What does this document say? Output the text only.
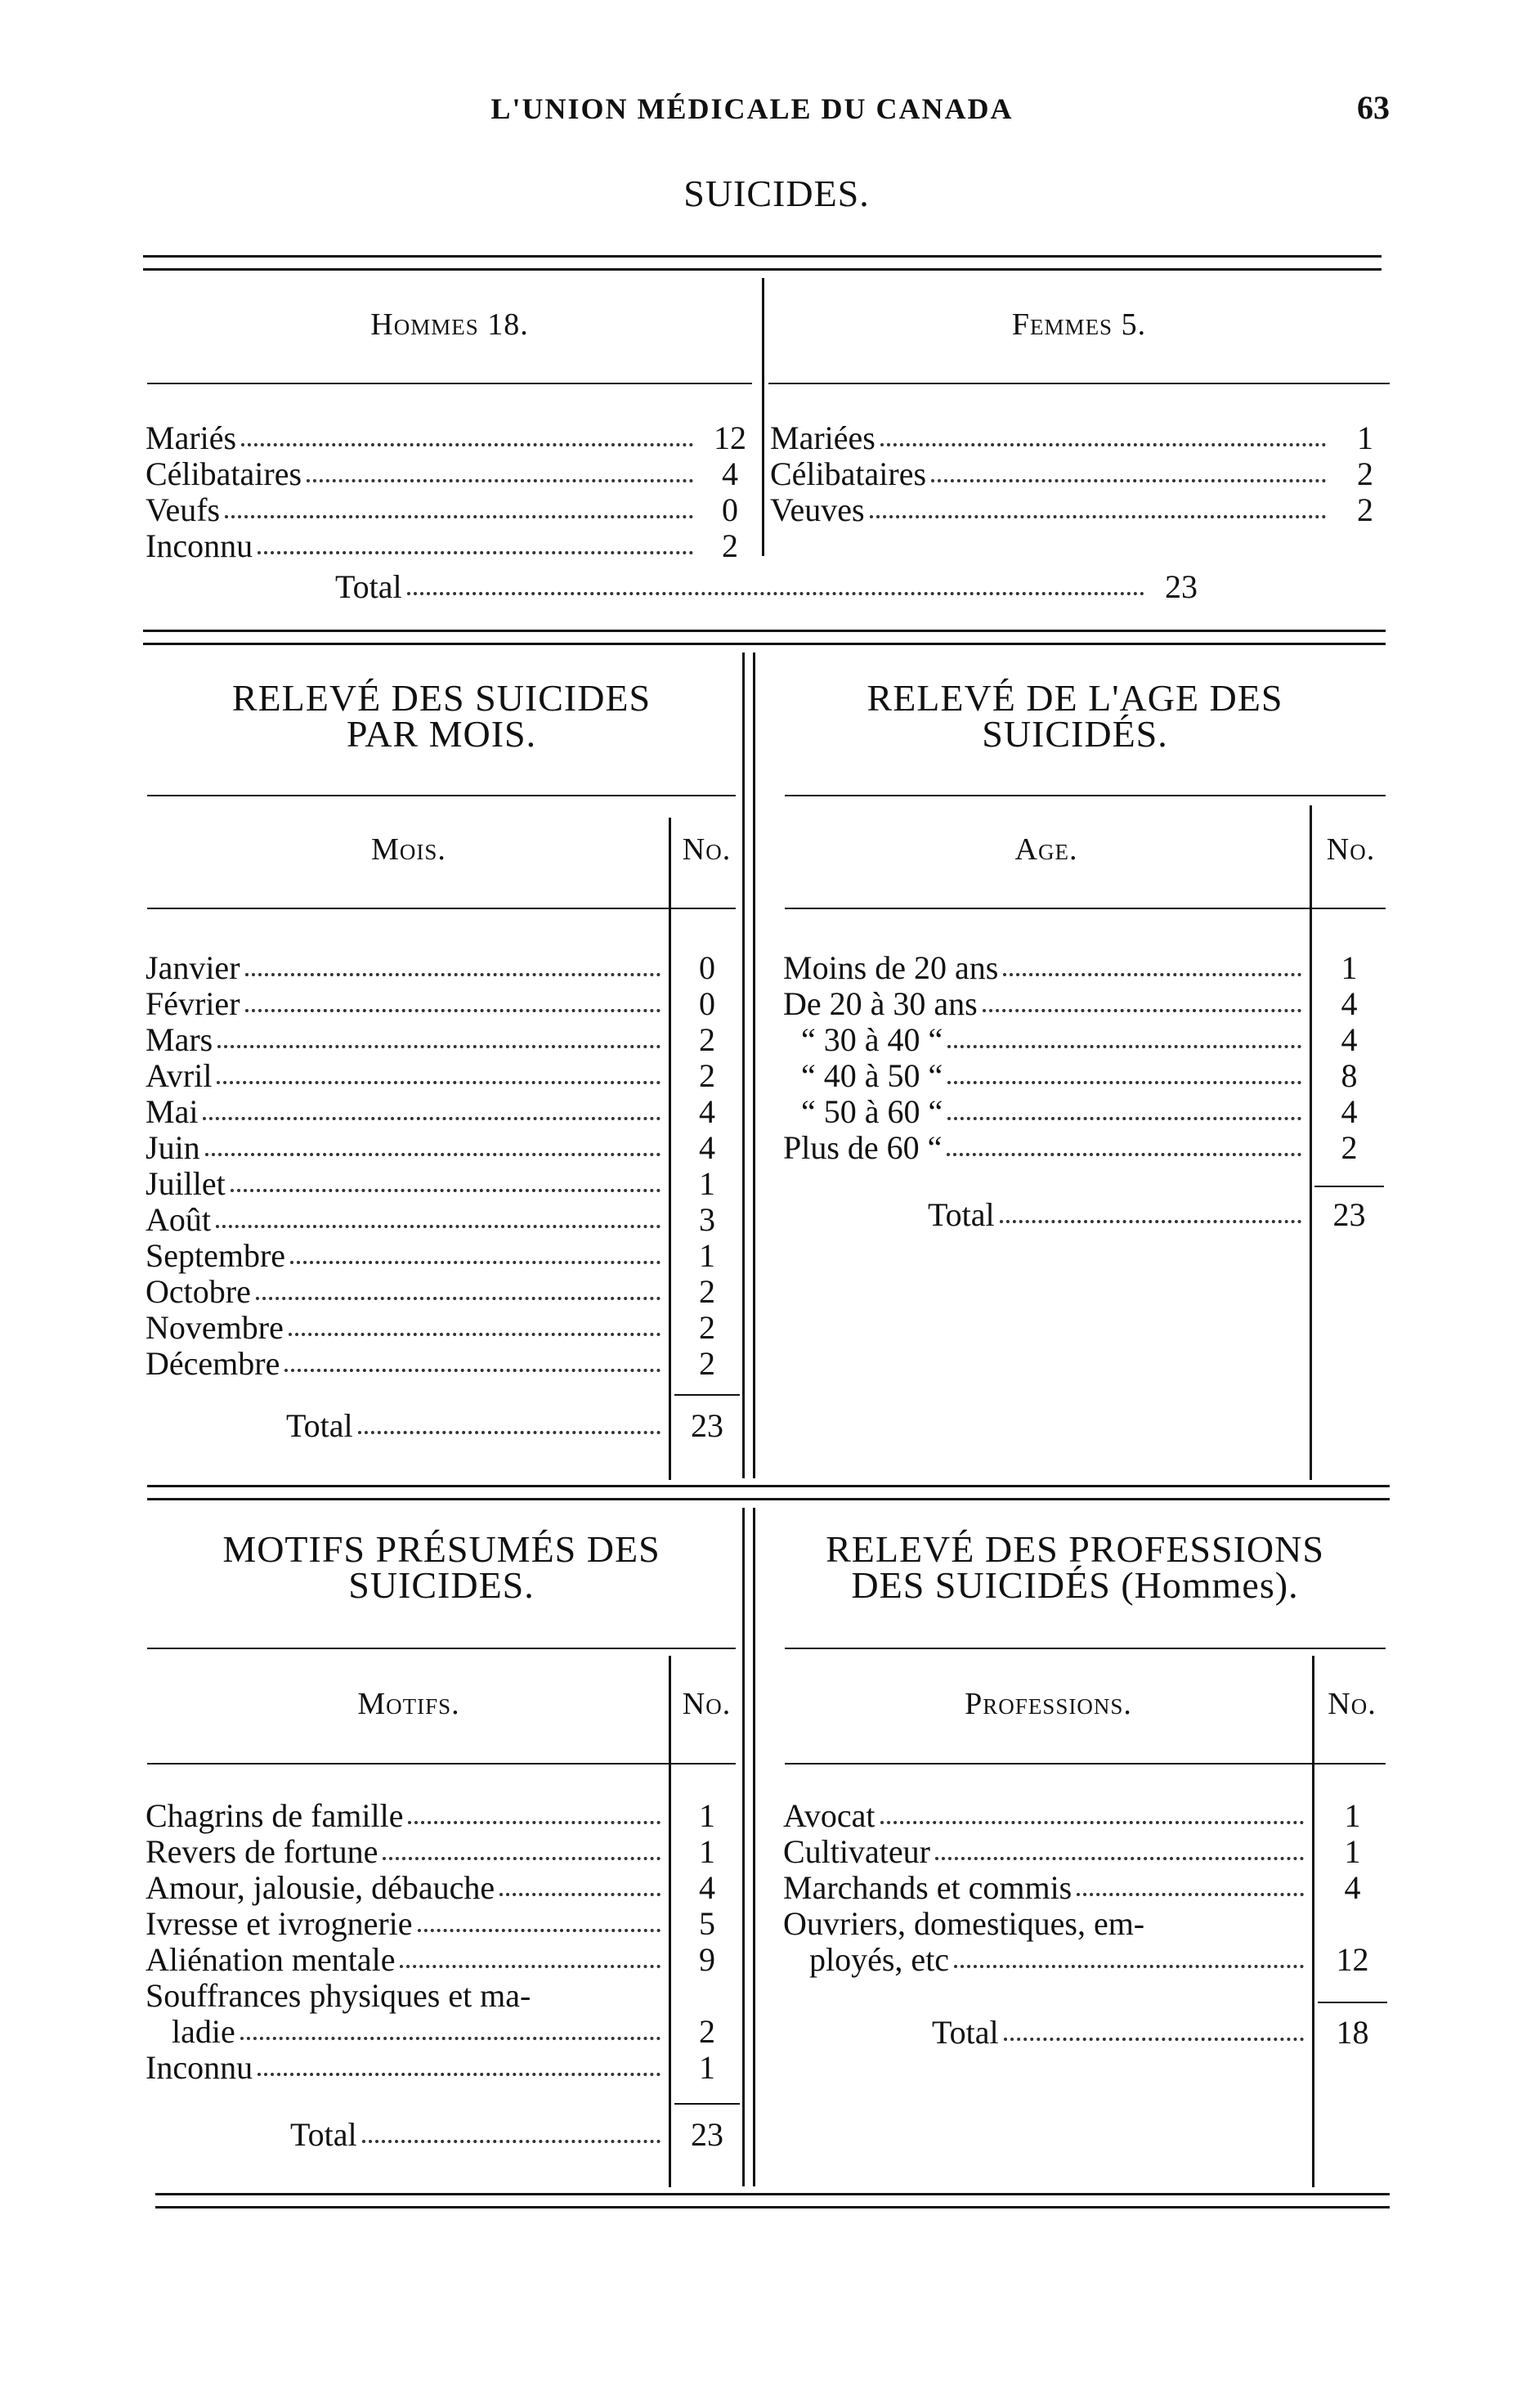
L'UNION MÉDICALE DU CANADA	63
SUICIDES.
Hommes 18.	Femmes 5.
Mariés	12
Célibataires	4
Veufs	0
Inconnu	2
Mariées	1
Célibataires	2
Veuves	2
Total	23
RELEVÉ DES SUICIDES
PAR MOIS.
RELEVÉ DE L'AGE DES
SUICIDÉS.
Mois.	No.	Age.	No.
Janvier	0
Février	0
Mars	2
Avril	2
Mai	4
Juin	4
Juillet	1
Août	3
Septembre	1
Octobre	2
Novembre	2
Décembre	2
Moins de 20 ans	1
De 20 à 30 ans	4
“ 30 à 40 “	4
“ 40 à 50 “	8
“ 50 à 60 “	4
Plus de 60 “	2
Total	23
Total	23
MOTIFS PRÉSUMÉS DES
SUICIDES.
RELEVÉ DES PROFESSIONS
DES SUICIDÉS (Hommes).
Motifs.	No.	Professions.	No.
Chagrins de famille	1
Revers de fortune	1
Amour, jalousie, débauche	4
Ivresse et ivrognerie	5
Aliénation mentale	9
Souffrances physiques et ma-
ladie	2
Inconnu	1
Avocat	1
Cultivateur	1
Marchands et commis	4
Ouvriers, domestiques, em-
ployés, etc	12
Total	23
Total	18
